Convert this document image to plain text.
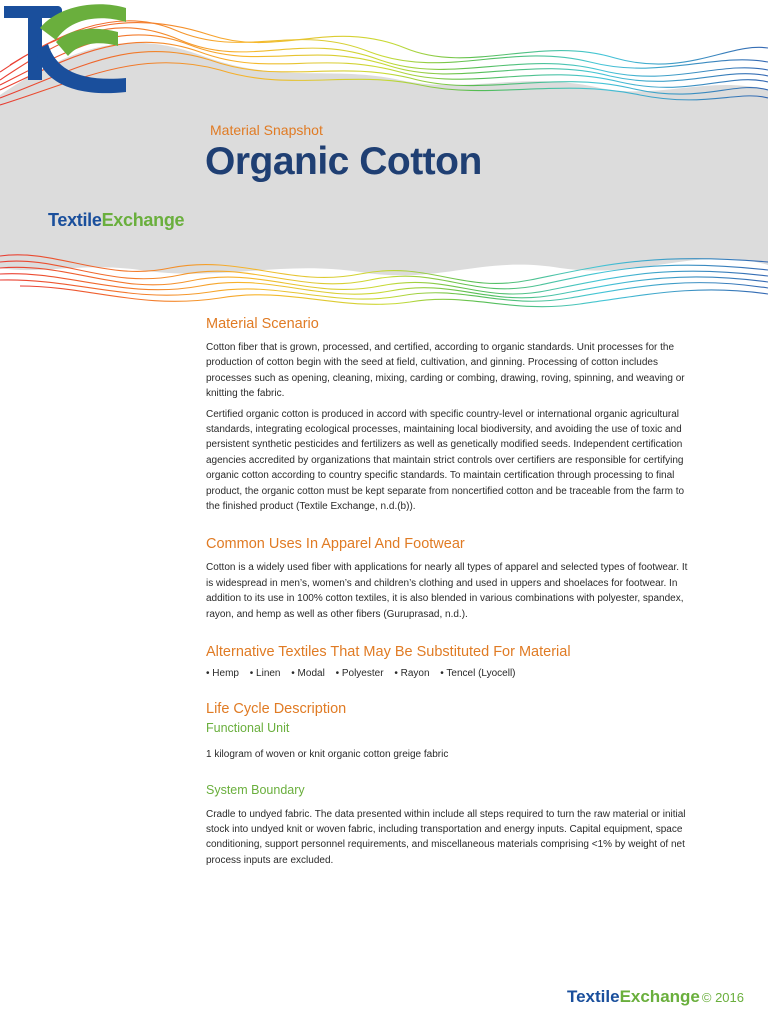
TextileExchange
Material Snapshot
Organic Cotton
Material Scenario

Cotton fiber that is grown, processed, and certified, according to organic standards. Unit processes for the production of cotton begin with the seed at field, cultivation, and ginning. Processing of cotton includes processes such as opening, cleaning, mixing, carding or combing, drawing, roving, spinning, and weaving or knitting the fabric.

Certified organic cotton is produced in accord with specific country-level or international organic agricultural standards, integrating ecological processes, maintaining local biodiversity, and avoiding the use of toxic and persistent synthetic pesticides and fertilizers as well as genetically modified seeds. Independent certification agencies accredited by organizations that maintain strict controls over certifiers are responsible for certifying organic cotton according to country specific standards. To maintain certification through processing to final product, the organic cotton must be kept separate from noncertified cotton and be traceable from the farm to the finished product (Textile Exchange, n.d.(b)).

Common Uses In Apparel And Footwear

Cotton is a widely used fiber with applications for nearly all types of apparel and selected types of footwear. It is widespread in men’s, women’s and children’s clothing and used in uppers and shoelaces for footwear. In addition to its use in 100% cotton textiles, it is also blended in various combinations with polyester, spandex, rayon, and hemp as well as other fibers (Guruprasad, n.d.).

Alternative Textiles That May Be Substituted For Material

• Hemp • Linen • Modal • Polyester • Rayon • Tencel (Lyocell)

Life Cycle Description
Functional Unit

1 kilogram of woven or knit organic cotton greige fabric

System Boundary

Cradle to undyed fabric. The data presented within include all steps required to turn the raw material or initial stock into undyed knit or woven fabric, including transportation and energy inputs. Capital equipment, space conditioning, support personnel requirements, and miscellaneous materials comprising <1% by weight of net process inputs are excluded.

TextileExchange © 2016
